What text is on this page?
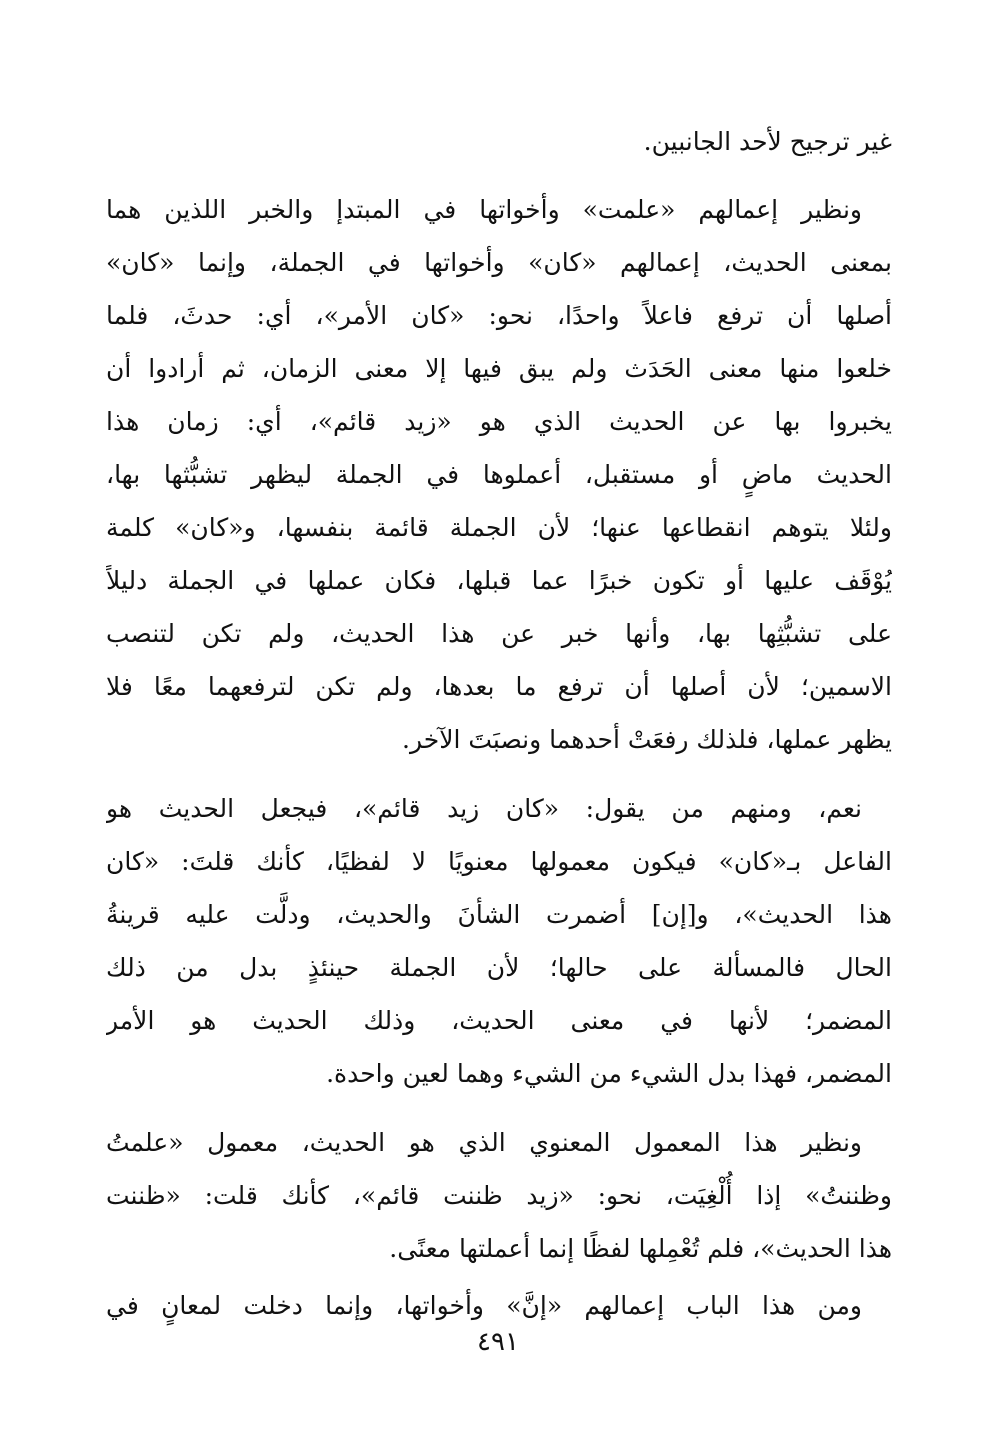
غير ترجيح لأحد الجانبين.
ونظير إعمالهم «علمت» وأخواتها في المبتدإ والخبر اللذين هما
بمعنى الحديث، إعمالهم «كان» وأخواتها في الجملة، وإنما «كان»
أصلها أن ترفع فاعلاً واحدًا، نحو: «كان الأمر»، أي: حدثَ، فلما
خلعوا منها معنى الحَدَث ولم يبق فيها إلا معنى الزمان، ثم أرادوا أن
يخبروا بها عن الحديث الذي هو «زيد قائم»، أي: زمان هذا
الحديث ماضٍ أو مستقبل، أعملوها في الجملة ليظهر تشبُّثها بها،
ولئلا يتوهم انقطاعها عنها؛ لأن الجملة قائمة بنفسها، و«كان» كلمة
يُوْقَف عليها أو تكون خبرًا عما قبلها، فكان عملها في الجملة دليلاً
على تشبُّثِها بها، وأنها خبر عن هذا الحديث، ولم تكن لتنصب
الاسمين؛ لأن أصلها أن ترفع ما بعدها، ولم تكن لترفعهما معًا فلا
يظهر عملها، فلذلك رفعَتْ أحدهما ونصبَتَ الآخر.
نعم، ومنهم من يقول: «كان زيد قائم»، فيجعل الحديث هو
الفاعل بـ«كان» فيكون معمولها معنويًا لا لفظيًا، كأنك قلتَ: «كان
هذا الحديث»، و[إن] أضمرت الشأنَ والحديث، ودلَّت عليه قرينةُ
الحال فالمسألة على حالها؛ لأن الجملة حينئذٍ بدل من ذلك
المضمر؛ لأنها في معنى الحديث، وذلك الحديث هو الأمر
المضمر، فهذا بدل الشيء من الشيء وهما لعين واحدة.
ونظير هذا المعمول المعنوي الذي هو الحديث، معمول «علمتُ
وظننتُ» إذا أُلْغِيَت، نحو: «زيد ظننت قائم»، كأنك قلت: «ظننت
هذا الحديث»، فلم تُعْمِلها لفظًا إنما أعملتها معنًى.
ومن هذا الباب إعمالهم «إنَّ» وأخواتها، وإنما دخلت لمعانٍ في
٤٩١
